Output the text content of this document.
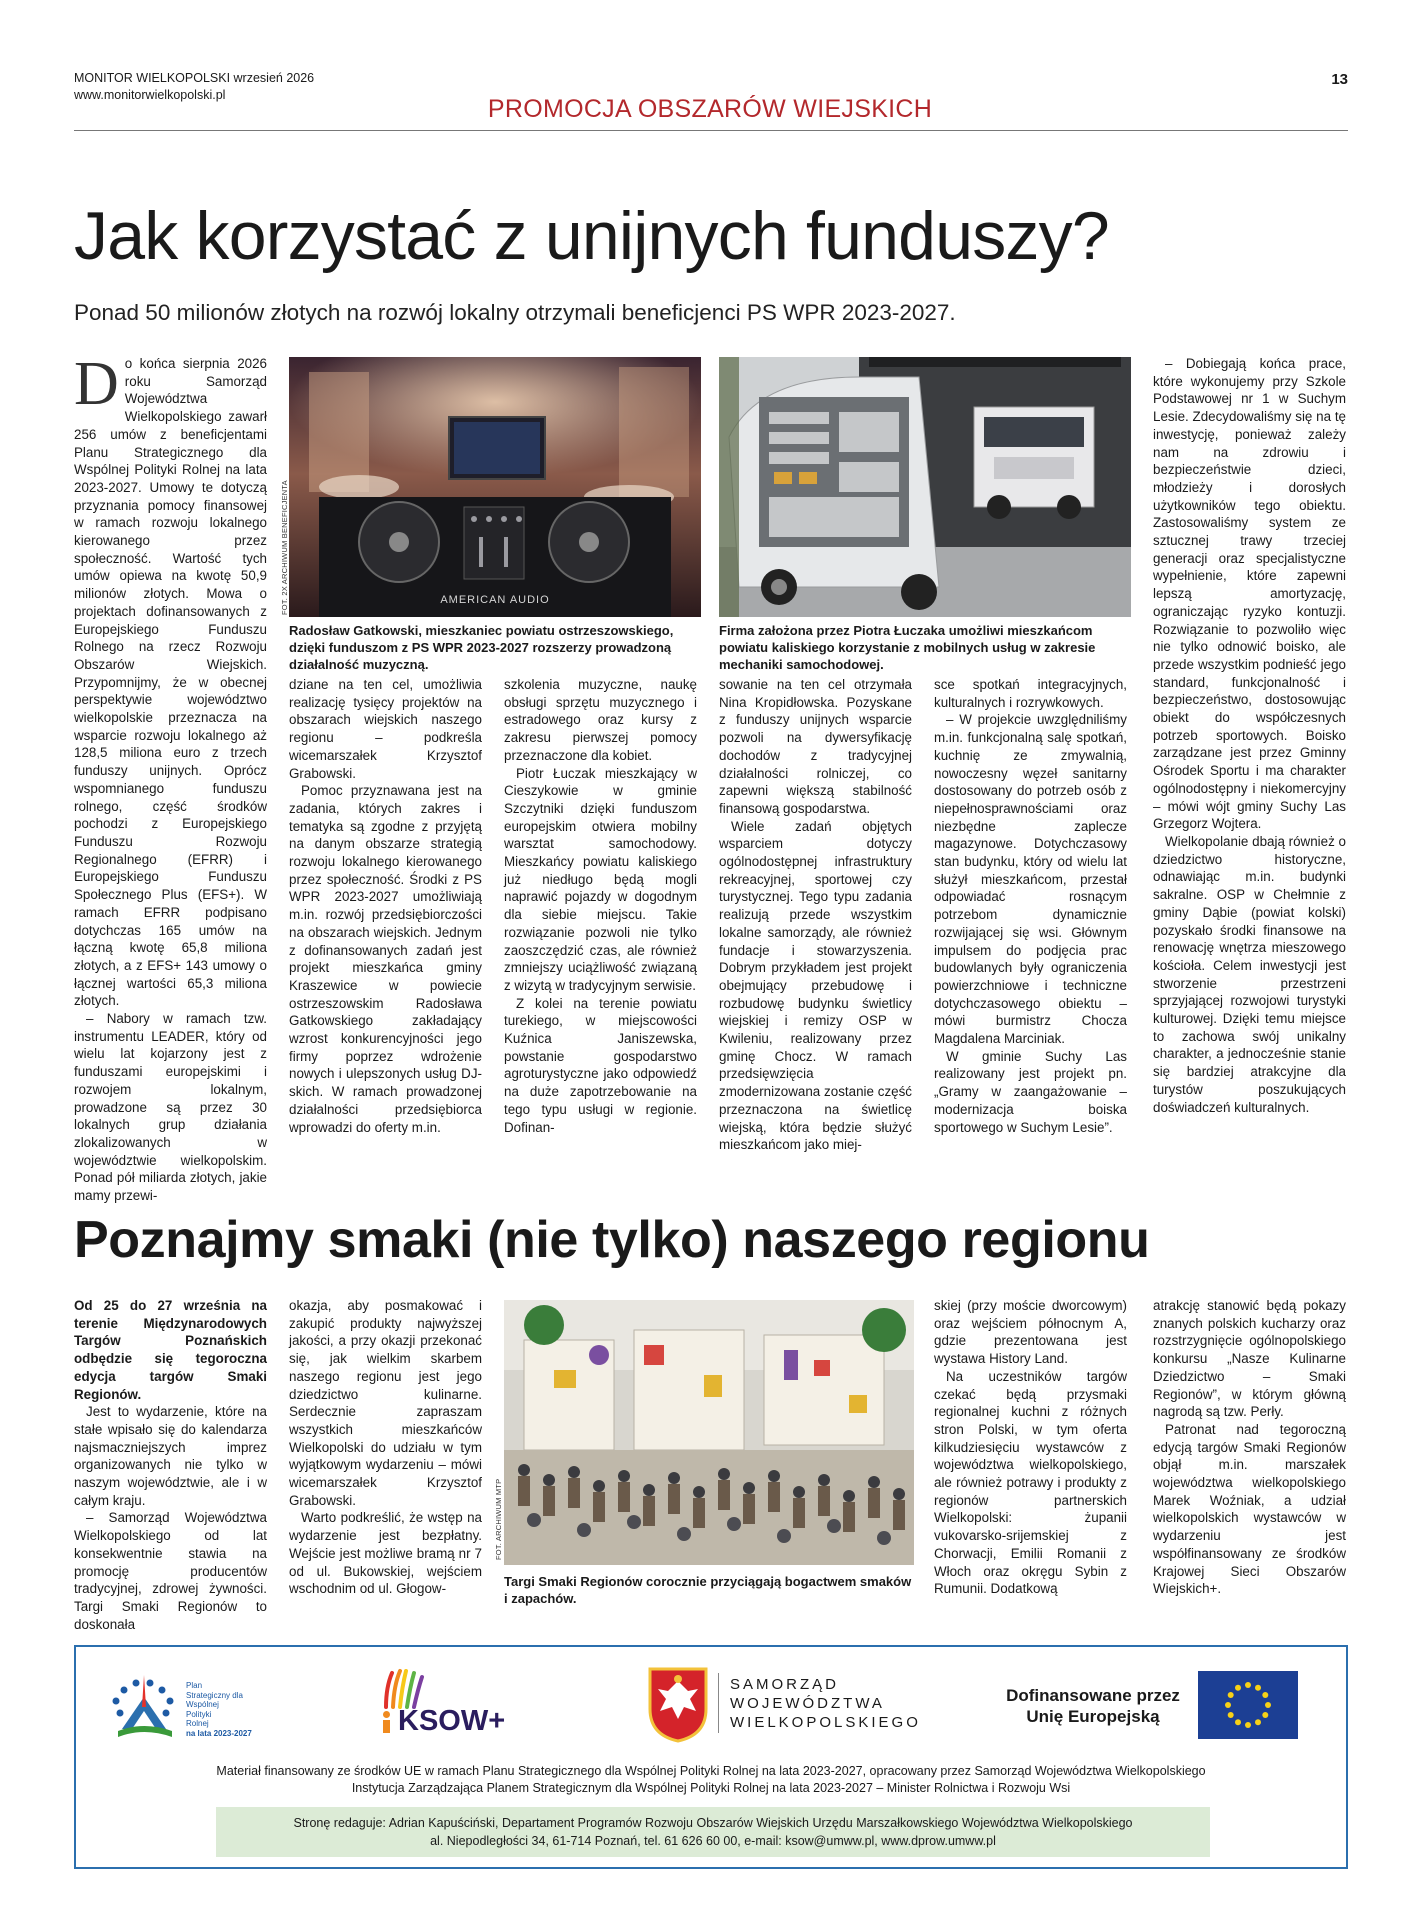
MONITOR WIELKOPOLSKI wrzesień 2026
www.monitorwielkopolski.pl
13
PROMOCJA OBSZARÓW WIEJSKICH
Jak korzystać z unijnych funduszy?
Ponad 50 milionów złotych na rozwój lokalny otrzymali beneficjenci PS WPR 2023-2027.

Do końca sierpnia 2026 roku Samorząd Województwa Wielkopolskiego zawarł 256 umów z beneficjentami Planu Strategicznego dla Wspólnej Polityki Rolnej na lata 2023-2027. Umowy te dotyczą przyznania pomocy finansowej w ramach rozwoju lokalnego kierowanego przez społeczność. Wartość tych umów opiewa na kwotę 50,9 milionów złotych. Mowa o projektach dofinansowanych z Europejskiego Funduszu Rolnego na rzecz Rozwoju Obszarów Wiejskich. Przypomnijmy, że w obecnej perspektywie województwo wielkopolskie przeznacza na wsparcie rozwoju lokalnego aż 128,5 miliona euro z trzech funduszy unijnych. Oprócz wspomnianego funduszu rolnego, część środków pochodzi z Europejskiego Funduszu Rozwoju Regionalnego (EFRR) i Europejskiego Funduszu Społecznego Plus (EFS+). W ramach EFRR podpisano dotychczas 165 umów na łączną kwotę 65,8 miliona złotych, a z EFS+ 143 umowy o łącznej wartości 65,3 miliona złotych.

– Nabory w ramach tzw. instrumentu LEADER, który od wielu lat kojarzony jest z funduszami europejskimi i rozwojem lokalnym, prowadzone są przez 30 lokalnych grup działania zlokalizowanych w województwie wielkopolskim. Ponad pół miliarda złotych, jakie mamy przewi-

AMERICAN AUDIO
FOT. 2X ARCHIWUM BENEFICJENTA
Radosław Gatkowski, mieszkaniec powiatu ostrzeszowskiego, dzięki funduszom z PS WPR 2023-2027 rozszerzy prowadzoną działalność muzyczną.
Firma założona przez Piotra Łuczaka umożliwi mieszkańcom powiatu kaliskiego korzystanie z mobilnych usług w zakresie mechaniki samochodowej.

dziane na ten cel, umożliwia realizację tysięcy projektów na obszarach wiejskich naszego regionu – podkreśla wicemarszałek Krzysztof Grabowski.

Pomoc przyznawana jest na zadania, których zakres i tematyka są zgodne z przyjętą na danym obszarze strategią rozwoju lokalnego kierowanego przez społeczność. Środki z PS WPR 2023-2027 umożliwiają m.in. rozwój przedsiębiorczości na obszarach wiejskich. Jednym z dofinansowanych zadań jest projekt mieszkańca gminy Kraszewice w powiecie ostrzeszowskim Radosława Gatkowskiego zakładający wzrost konkurencyjności jego firmy poprzez wdrożenie nowych i ulepszonych usług DJ-skich. W ramach prowadzonej działalności przedsiębiorca wprowadzi do oferty m.in.

szkolenia muzyczne, naukę obsługi sprzętu muzycznego i estradowego oraz kursy z zakresu pierwszej pomocy przeznaczone dla kobiet.

Piotr Łuczak mieszkający w Cieszykowie w gminie Szczytniki dzięki funduszom europejskim otwiera mobilny warsztat samochodowy. Mieszkańcy powiatu kaliskiego już niedługo będą mogli naprawić pojazdy w dogodnym dla siebie miejscu. Takie rozwiązanie pozwoli nie tylko zaoszczędzić czas, ale również zmniejszy uciążliwość związaną z wizytą w tradycyjnym serwisie.

Z kolei na terenie powiatu turekiego, w miejscowości Kuźnica Janiszewska, powstanie gospodarstwo agroturystyczne jako odpowiedź na duże zapotrzebowanie na tego typu usługi w regionie. Dofinan-

sowanie na ten cel otrzymała Nina Kropidłowska. Pozyskane z funduszy unijnych wsparcie pozwoli na dywersyfikację dochodów z tradycyjnej działalności rolniczej, co zapewni większą stabilność finansową gospodarstwa.

Wiele zadań objętych wsparciem dotyczy ogólnodostępnej infrastruktury rekreacyjnej, sportowej czy turystycznej. Tego typu zadania realizują przede wszystkim lokalne samorządy, ale również fundacje i stowarzyszenia. Dobrym przykładem jest projekt obejmujący przebudowę i rozbudowę budynku świetlicy wiejskiej i remizy OSP w Kwileniu, realizowany przez gminę Chocz. W ramach przedsięwzięcia zmodernizowana zostanie część przeznaczona na świetlicę wiejską, która będzie służyć mieszkańcom jako miej-

sce spotkań integracyjnych, kulturalnych i rozrywkowych.

– W projekcie uwzględniliśmy m.in. funkcjonalną salę spotkań, kuchnię ze zmywalnią, nowoczesny węzeł sanitarny dostosowany do potrzeb osób z niepełnosprawnościami oraz niezbędne zaplecze magazynowe. Dotychczasowy stan budynku, który od wielu lat służył mieszkańcom, przestał odpowiadać rosnącym potrzebom dynamicznie rozwijającej się wsi. Głównym impulsem do podjęcia prac budowlanych były ograniczenia powierzchniowe i techniczne dotychczasowego obiektu – mówi burmistrz Chocza Magdalena Marciniak.

W gminie Suchy Las realizowany jest projekt pn. „Gramy w zaangażowanie – modernizacja boiska sportowego w Suchym Lesie”.

– Dobiegają końca prace, które wykonujemy przy Szkole Podstawowej nr 1 w Suchym Lesie. Zdecydowaliśmy się na tę inwestycję, ponieważ zależy nam na zdrowiu i bezpieczeństwie dzieci, młodzieży i dorosłych użytkowników tego obiektu. Zastosowaliśmy system ze sztucznej trawy trzeciej generacji oraz specjalistyczne wypełnienie, które zapewni lepszą amortyzację, ograniczając ryzyko kontuzji. Rozwiązanie to pozwoliło więc nie tylko odnowić boisko, ale przede wszystkim podnieść jego standard, funkcjonalność i bezpieczeństwo, dostosowując obiekt do współczesnych potrzeb sportowych. Boisko zarządzane jest przez Gminny Ośrodek Sportu i ma charakter ogólnodostępny i niekomercyjny – mówi wójt gminy Suchy Las Grzegorz Wojtera.

Wielkopolanie dbają również o dziedzictwo historyczne, odnawiając m.in. budynki sakralne. OSP w Chełmnie z gminy Dąbie (powiat kolski) pozyskało środki finansowe na renowację wnętrza mieszowego kościoła. Celem inwestycji jest stworzenie przestrzeni sprzyjającej rozwojowi turystyki kulturowej. Dzięki temu miejsce to zachowa swój unikalny charakter, a jednocześnie stanie się bardziej atrakcyjne dla turystów poszukujących doświadczeń kulturalnych.

Poznajmy smaki (nie tylko) naszego regionu

Od 25 do 27 września na terenie Międzynarodowych Targów Poznańskich odbędzie się tegoroczna edycja targów Smaki Regionów.

Jest to wydarzenie, które na stałe wpisało się do kalendarza najsmaczniejszych imprez organizowanych nie tylko w naszym województwie, ale i w całym kraju.

– Samorząd Województwa Wielkopolskiego od lat konsekwentnie stawia na promocję producentów tradycyjnej, zdrowej żywności. Targi Smaki Regionów to doskonała

okazja, aby posmakować i zakupić produkty najwyższej jakości, a przy okazji przekonać się, jak wielkim skarbem naszego regionu jest jego dziedzictwo kulinarne. Serdecznie zapraszam wszystkich mieszkańców Wielkopolski do udziału w tym wyjątkowym wydarzeniu – mówi wicemarszałek Krzysztof Grabowski.

Warto podkreślić, że wstęp na wydarzenie jest bezpłatny. Wejście jest możliwe bramą nr 7 od ul. Bukowskiej, wejściem wschodnim od ul. Głogow-

FOT. ARCHIWUM MTP
Targi Smaki Regionów corocznie przyciągają bogactwem smaków i zapachów.

skiej (przy moście dworcowym) oraz wejściem północnym A, gdzie prezentowana jest wystawa History Land.

Na uczestników targów czekać będą przysmaki regionalnej kuchni z różnych stron Polski, w tym oferta kilkudziesięciu wystawców z województwa wielkopolskiego, ale również potrawy i produkty z regionów partnerskich Wielkopolski: żupanii vukovarsko-srijemskiej z Chorwacji, Emilii Romanii z Włoch oraz okręgu Sybin z Rumunii. Dodatkową

atrakcję stanowić będą pokazy znanych polskich kucharzy oraz rozstrzygnięcie ogólnopolskiego konkursu „Nasze Kulinarne Dziedzictwo – Smaki Regionów”, w którym główną nagrodą są tzw. Perły.

Patronat nad tegoroczną edycją targów Smaki Regionów objął m.in. marszałek województwa wielkopolskiego Marek Woźniak, a udział wielkopolskich wystawców w wydarzeniu jest współfinansowany ze środków Krajowej Sieci Obszarów Wiejskich+.

Plan
Strategiczny dla
Wspólnej
Polityki
Rolnej
na lata 2023-2027	KSOW+
SAMORZĄD
WOJEWÓDZTWA
WIELKOPOLSKIEGO
Dofinansowane przez
Unię Europejską
Materiał finansowany ze środków UE w ramach Planu Strategicznego dla Wspólnej Polityki Rolnej na lata 2023-2027, opracowany przez Samorząd Województwa Wielkopolskiego
Instytucja Zarządzająca Planem Strategicznym dla Wspólnej Polityki Rolnej na lata 2023-2027 – Minister Rolnictwa i Rozwoju Wsi
Stronę redaguje: Adrian Kapuściński, Departament Programów Rozwoju Obszarów Wiejskich Urzędu Marszałkowskiego Województwa Wielkopolskiego
al. Niepodległości 34, 61-714 Poznań, tel. 61 626 60 00, e-mail: ksow@umww.pl, www.dprow.umww.pl
